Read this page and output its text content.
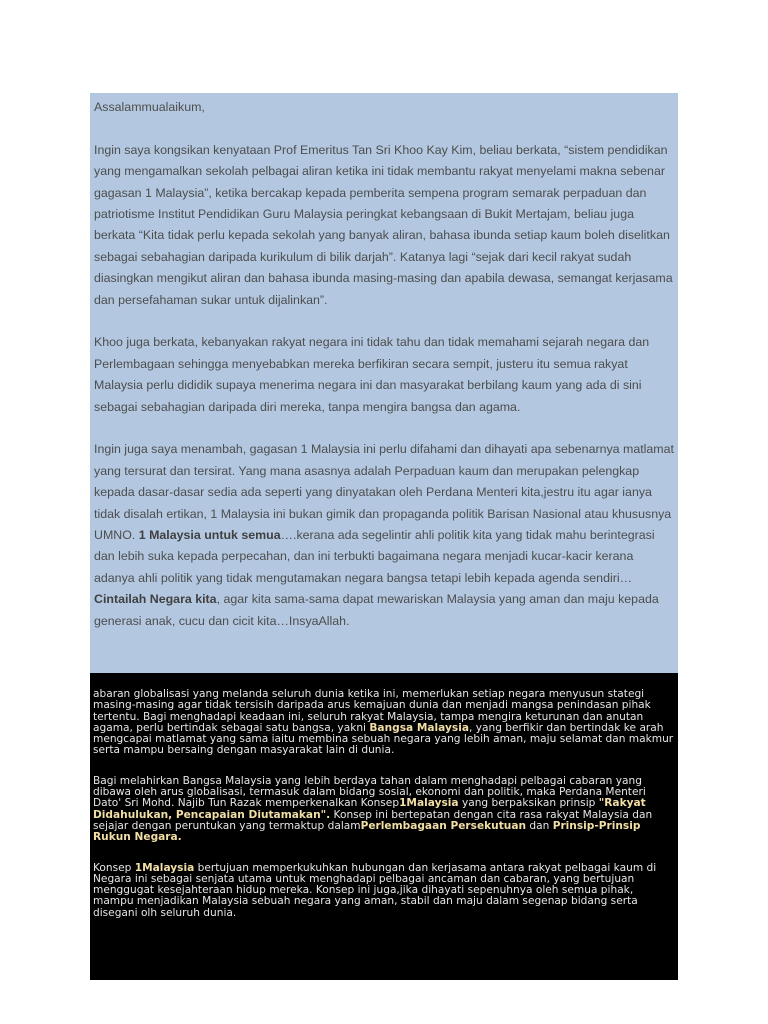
Assalammualaikum,

Ingin saya kongsikan kenyataan Prof Emeritus Tan Sri Khoo Kay Kim, beliau berkata, “sistem pendidikan yang mengamalkan sekolah pelbagai aliran ketika ini tidak membantu rakyat menyelami makna sebenar gagasan 1 Malaysia”, ketika bercakap kepada pemberita sempena program semarak perpaduan dan patriotisme Institut Pendidikan Guru Malaysia peringkat kebangsaan di Bukit Mertajam, beliau juga berkata “Kita tidak perlu kepada sekolah yang banyak aliran, bahasa ibunda setiap kaum boleh diselitkan sebagai sebahagian daripada kurikulum di bilik darjah”. Katanya lagi “sejak dari kecil rakyat sudah diasingkan mengikut aliran dan bahasa ibunda masing-masing dan apabila dewasa, semangat kerjasama dan persefahaman sukar untuk dijalinkan”.

Khoo juga berkata, kebanyakan rakyat negara ini tidak tahu dan tidak memahami sejarah negara dan Perlembagaan sehingga menyebabkan mereka berfikiran secara sempit, justeru itu semua rakyat Malaysia perlu dididik supaya menerima negara ini dan masyarakat berbilang kaum yang ada di sini sebagai sebahagian daripada diri mereka, tanpa mengira bangsa dan agama.

Ingin juga saya menambah, gagasan 1 Malaysia ini perlu difahami dan dihayati apa sebenarnya matlamat yang tersurat dan tersirat. Yang mana asasnya adalah Perpaduan kaum dan merupakan pelengkap kepada dasar-dasar sedia ada seperti yang dinyatakan oleh Perdana Menteri kita,jestru itu agar ianya tidak disalah ertikan, 1 Malaysia ini bukan gimik dan propaganda politik Barisan Nasional atau khususnya UMNO. 1 Malaysia untuk semua….kerana ada segelintir ahli politik kita yang tidak mahu berintegrasi dan lebih suka kepada perpecahan, dan ini terbukti bagaimana negara menjadi kucar-kacir kerana adanya ahli politik yang tidak mengutamakan negara bangsa tetapi lebih kepada agenda sendiri…Cintailah Negara kita, agar kita sama-sama dapat mewariskan Malaysia yang aman dan maju kepada generasi anak, cucu dan cicit kita…InsyaAllah.

abaran globalisasi yang melanda seluruh dunia ketika ini, memerlukan setiap negara menyusun stategi masing-masing agar tidak tersisih daripada arus kemajuan dunia dan menjadi mangsa penindasan pihak tertentu. Bagi menghadapi keadaan ini, seluruh rakyat Malaysia, tampa mengira keturunan dan anutan agama, perlu bertindak sebagai satu bangsa, yakni Bangsa Malaysia, yang berfikir dan bertindak ke arah mengcapai matlamat yang sama iaitu membina sebuah negara yang lebih aman, maju selamat dan makmur serta mampu bersaing dengan masyarakat lain di dunia.

Bagi melahirkan Bangsa Malaysia yang lebih berdaya tahan dalam menghadapi pelbagai cabaran yang dibawa oleh arus globalisasi, termasuk dalam bidang sosial, ekonomi dan politik, maka Perdana Menteri Dato' Sri Mohd. Najib Tun Razak memperkenalkan Konsep1Malaysia yang berpaksikan prinsip "Rakyat Didahulukan, Pencapaian Diutamakan". Konsep ini bertepatan dengan cita rasa rakyat Malaysia dan sejajar dengan peruntukan yang termaktup dalamPerlembagaan Persekutuan dan Prinsip-Prinsip Rukun Negara.

Konsep 1Malaysia bertujuan memperkukuhkan hubungan dan kerjasama antara rakyat pelbagai kaum di Negara ini sebagai senjata utama untuk menghadapi pelbagai ancaman dan cabaran, yang bertujuan menggugat kesejahteraan hidup mereka. Konsep ini juga,jika dihayati sepenuhnya oleh semua pihak, mampu menjadikan Malaysia sebuah negara yang aman, stabil dan maju dalam segenap bidang serta disegani olh seluruh dunia.
